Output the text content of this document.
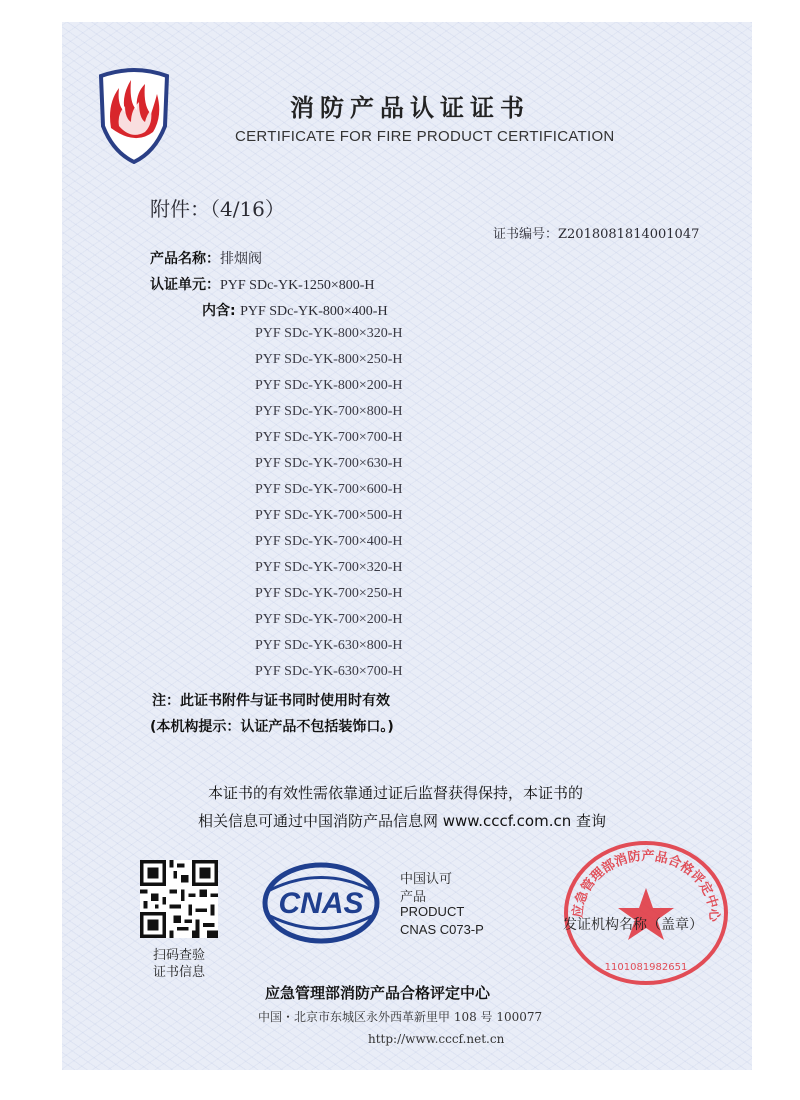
消防产品认证证书
CERTIFICATE FOR FIRE PRODUCT CERTIFICATION
附件：（4/16）
证书编号：Z2018081814001047
产品名称：排烟阀
认证单元：PYF SDc-YK-1250×800-H
内含: PYF SDc-YK-800×400-H
PYF SDc-YK-800×320-H
PYF SDc-YK-800×250-H
PYF SDc-YK-800×200-H
PYF SDc-YK-700×800-H
PYF SDc-YK-700×700-H
PYF SDc-YK-700×630-H
PYF SDc-YK-700×600-H
PYF SDc-YK-700×500-H
PYF SDc-YK-700×400-H
PYF SDc-YK-700×320-H
PYF SDc-YK-700×250-H
PYF SDc-YK-700×200-H
PYF SDc-YK-630×800-H
PYF SDc-YK-630×700-H
注：此证书附件与证书同时使用时有效
(本机构提示：认证产品不包括装饰口。)
本证书的有效性需依靠通过证后监督获得保持，本证书的
相关信息可通过中国消防产品信息网 www.cccf.com.cn 查询
扫码查验
证书信息
CNAS
中国认可
产品
PRODUCT
CNAS C073-P
应急管理部消防产品合格评定中心
1101081982651
发证机构名称（盖章）
应急管理部消防产品合格评定中心
中国・北京市东城区永外西革新里甲 108 号 100077
http://www.cccf.net.cn
